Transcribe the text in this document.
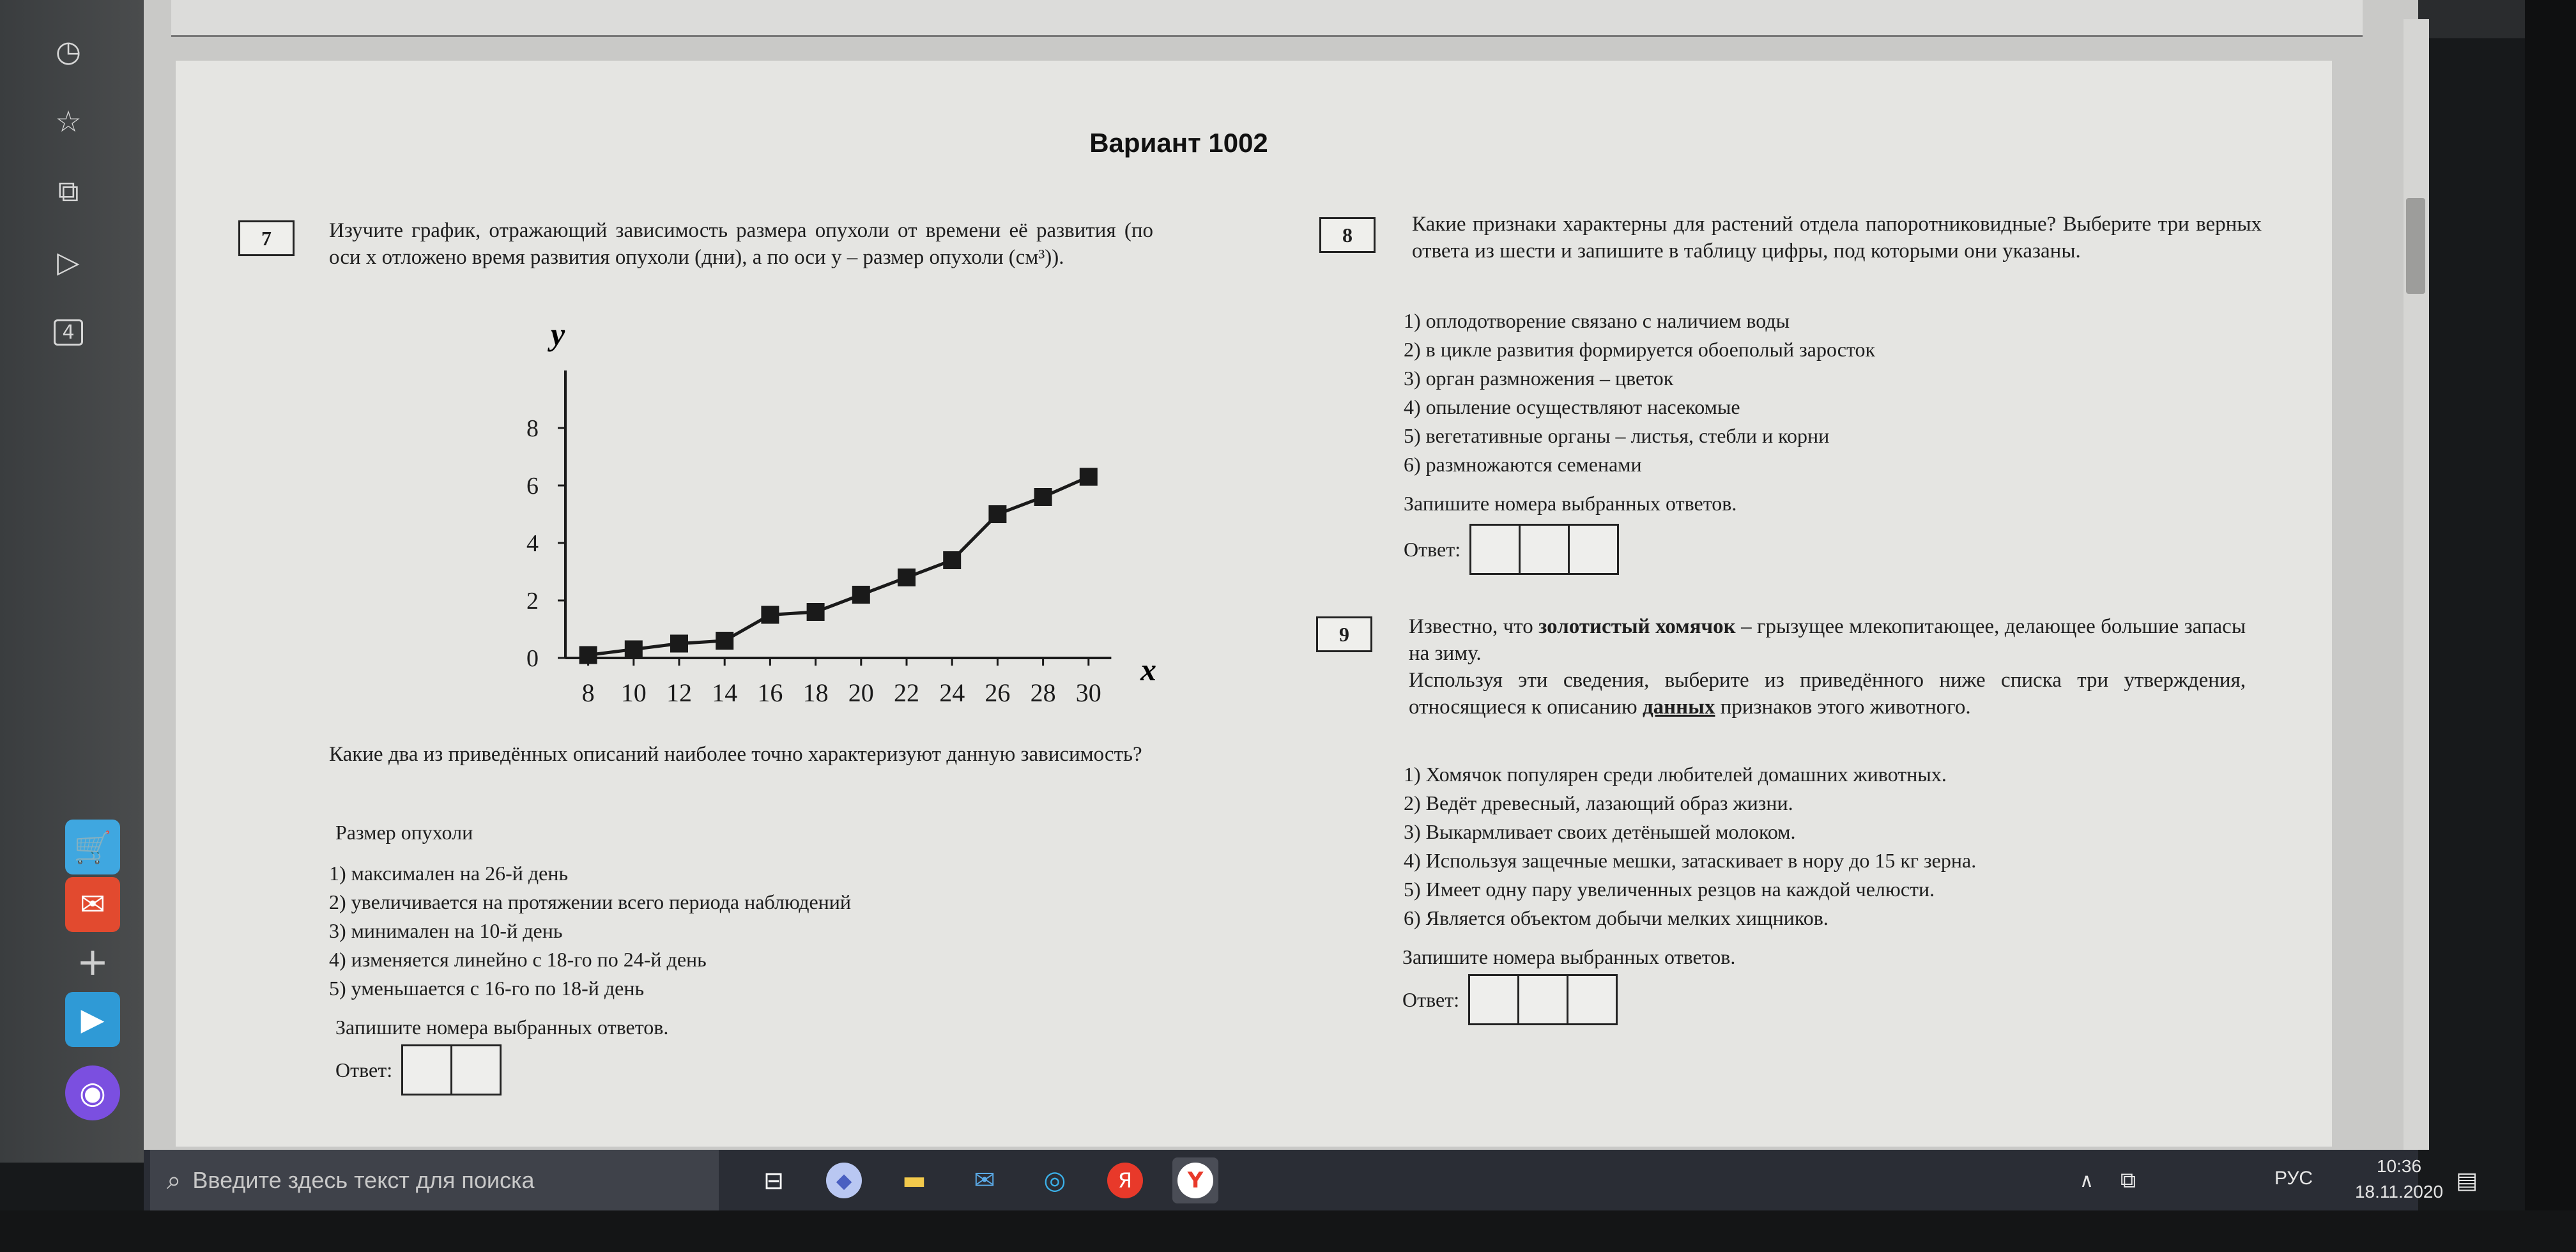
◷
☆
⧉
▷
4
🛒
✉
+
▶
◉
Вариант 1002
7	Изучите график, отражающий зависимость размера опухоли от времени её развития (по оси x отложено время развития опухоли (дни), а по оси y – размер опухоли (см³)).
0
2
4
6
8
8 10 12 14 16 18 20 22 24 26 28 30
y
x
Какие два из приведённых описаний наиболее точно характеризуют данную зависимость?
Размер опухоли
1) максимален на 26-й день
2) увеличивается на протяжении всего периода наблюдений
3) минимален на 10-й день
4) изменяется линейно с 18-го по 24-й день
5) уменьшается с 16-го по 18-й день
Запишите номера выбранных ответов.
Ответ:
8	Какие признаки характерны для растений отдела папоротниковидные? Выберите три верных ответа из шести и запишите в таблицу цифры, под которыми они указаны.
1) оплодотворение связано с наличием воды
2) в цикле развития формируется обоеполый заросток
3) орган размножения – цветок
4) опыление осуществляют насекомые
5) вегетативные органы – листья, стебли и корни
6) размножаются семенами
Запишите номера выбранных ответов.
Ответ:
9	Известно, что золотистый хомячок – грызущее млекопитающее, делающее большие запасы на зиму.
Используя эти сведения, выберите из приведённого ниже списка три утверждения, относящиеся к описанию данных признаков этого животного.
1) Хомячок популярен среди любителей домашних животных.
2) Ведёт древесный, лазающий образ жизни.
3) Выкармливает своих детёнышей молоком.
4) Используя защечные мешки, затаскивает в нору до 15 кг зерна.
5) Имеет одну пару увеличенных резцов на каждой челюсти.
6) Является объектом добычи мелких хищников.
Запишите номера выбранных ответов.
Ответ:
⌕ Введите здесь текст для поиска	⊟	◆	▬	✉	◎	Я	Y	∧	⧉	РУС
10:36
18.11.2020 ▤
